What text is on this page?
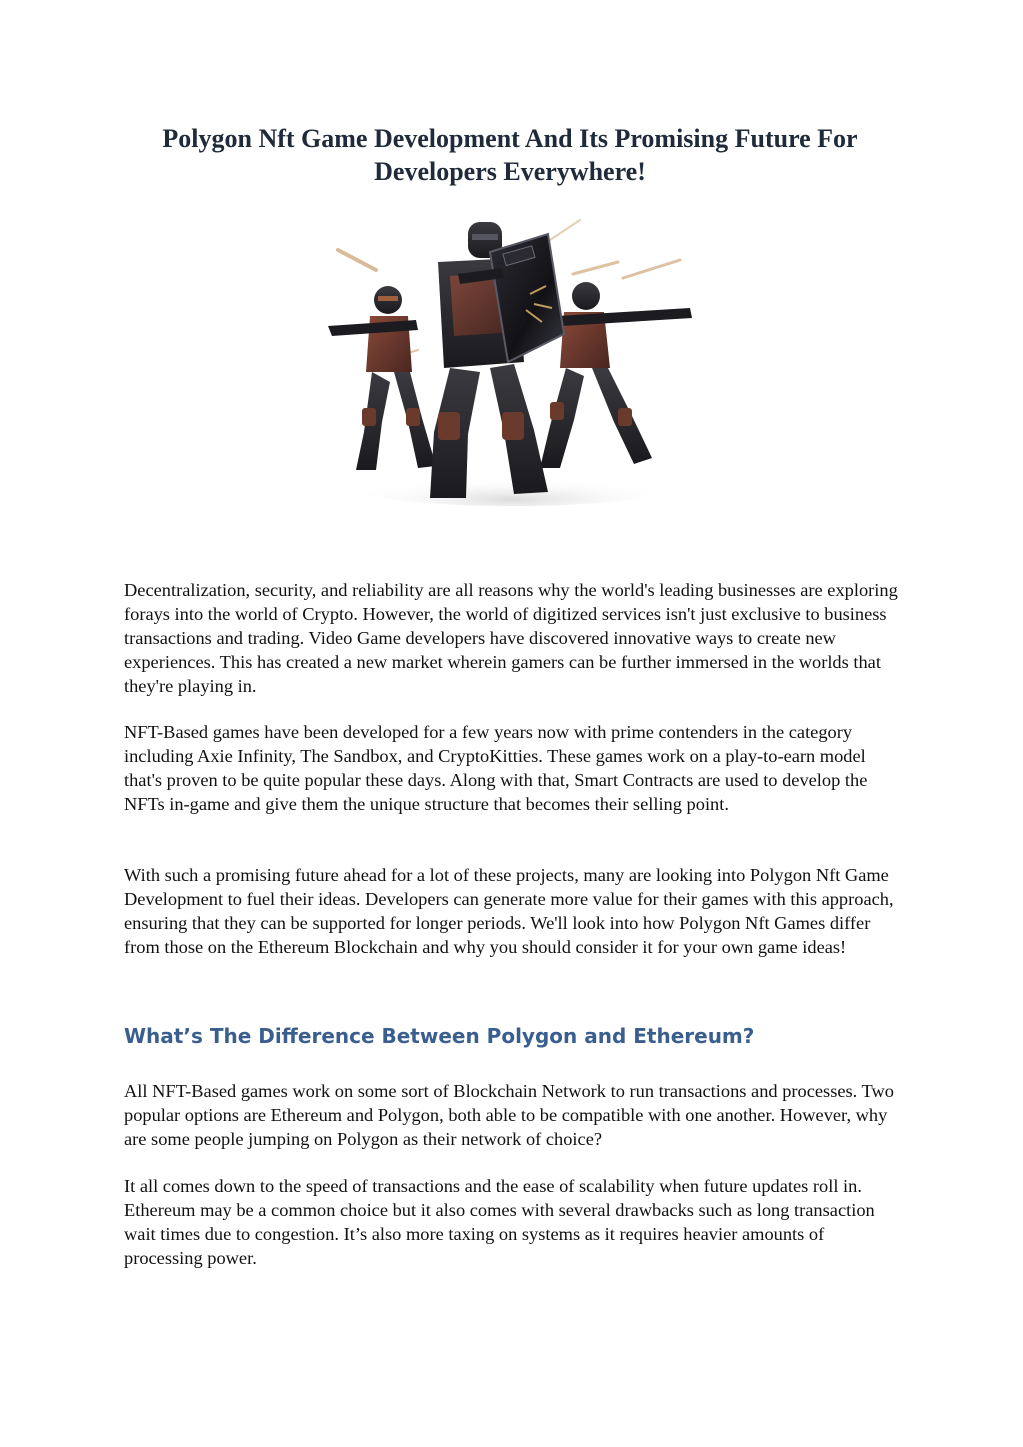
Polygon Nft Game Development And Its Promising Future For Developers Everywhere!

Decentralization, security, and reliability are all reasons why the world's leading businesses are exploring forays into the world of Crypto. However, the world of digitized services isn't just exclusive to business transactions and trading. Video Game developers have discovered innovative ways to create new experiences. This has created a new market wherein gamers can be further immersed in the worlds that they're playing in.

NFT-Based games have been developed for a few years now with prime contenders in the category including Axie Infinity, The Sandbox, and CryptoKitties. These games work on a play-to-earn model that's proven to be quite popular these days. Along with that, Smart Contracts are used to develop the NFTs in-game and give them the unique structure that becomes their selling point.

With such a promising future ahead for a lot of these projects, many are looking into Polygon Nft Game Development to fuel their ideas. Developers can generate more value for their games with this approach, ensuring that they can be supported for longer periods. We'll look into how Polygon Nft Games differ from those on the Ethereum Blockchain and why you should consider it for your own game ideas!

What’s The Difference Between Polygon and Ethereum?

All NFT-Based games work on some sort of Blockchain Network to run transactions and processes. Two popular options are Ethereum and Polygon, both able to be compatible with one another. However, why are some people jumping on Polygon as their network of choice?

It all comes down to the speed of transactions and the ease of scalability when future updates roll in. Ethereum may be a common choice but it also comes with several drawbacks such as long transaction wait times due to congestion. It’s also more taxing on systems as it requires heavier amounts of processing power.
